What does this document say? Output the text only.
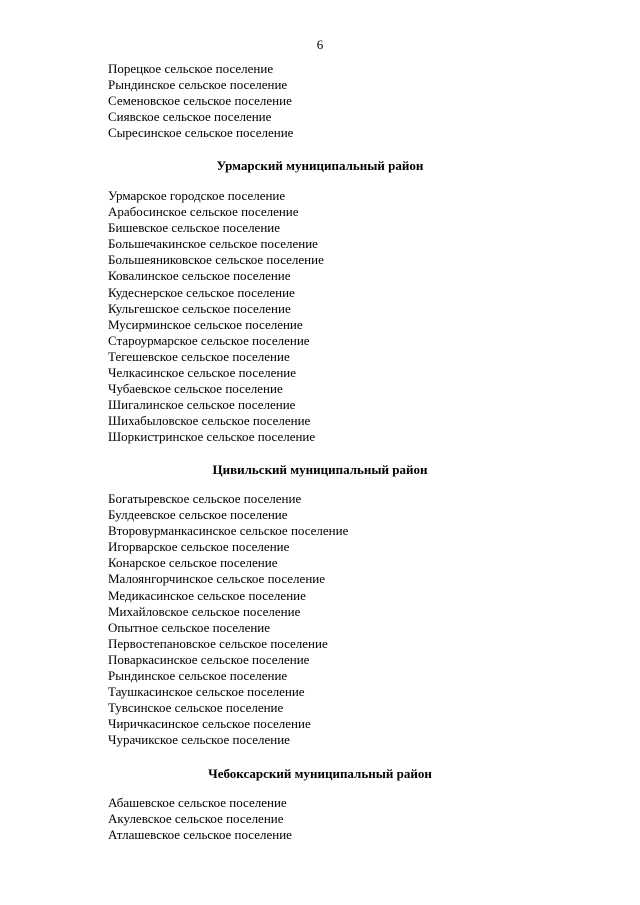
6
Порецкое сельское поселение
Рындинское сельское поселение
Семеновское сельское поселение
Сиявское сельское поселение
Сыресинское сельское поселение
Урмарский муниципальный район
Урмарское городское поселение
Арабосинское сельское поселение
Бишевское сельское поселение
Большечакинское сельское поселение
Большеяниковское сельское поселение
Ковалинское сельское поселение
Кудеснерское сельское поселение
Кульгешское сельское поселение
Мусирминское сельское поселение
Староурмарское сельское поселение
Тегешевское сельское поселение
Челкасинское сельское поселение
Чубаевское сельское поселение
Шигалинское сельское поселение
Шихабыловское сельское поселение
Шоркистринское сельское поселение
Цивильский муниципальный район
Богатыревское сельское поселение
Булдеевское сельское поселение
Второвурманкасинское сельское поселение
Игорварское сельское поселение
Конарское сельское поселение
Малоянгорчинское сельское поселение
Медикасинское сельское поселение
Михайловское сельское поселение
Опытное сельское поселение
Первостепановское сельское поселение
Поваркасинское сельское поселение
Рындинское сельское поселение
Таушкасинское сельское поселение
Тувсинское сельское поселение
Чиричкасинское сельское поселение
Чурачикское сельское поселение
Чебоксарский муниципальный район
Абашевское сельское поселение
Акулевское сельское поселение
Атлашевское сельское поселение
